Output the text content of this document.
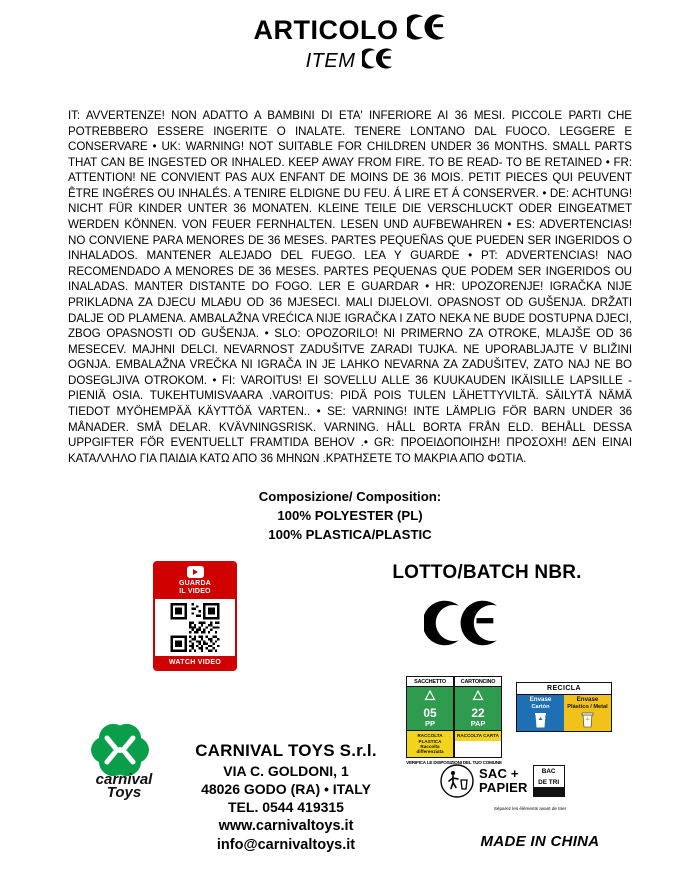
ARTICOLO
ITEM
IT: AVVERTENZE! NON ADATTO A BAMBINI DI ETA' INFERIORE AI 36 MESI. PICCOLE PARTI CHE POTREBBERO ESSERE INGERITE O INALATE. TENERE LONTANO DAL FUOCO. LEGGERE E CONSERVARE • UK: WARNING! NOT SUITABLE FOR CHILDREN UNDER 36 MONTHS. SMALL PARTS THAT CAN BE INGESTED OR INHALED. KEEP AWAY FROM FIRE. TO BE READ- TO BE RETAINED • FR: ATTENTION! NE CONVIENT PAS AUX ENFANT DE MOINS DE 36 MOIS. PETIT PIECES QUI PEUVENT ÊTRE INGÉRES OU INHALÉS. A TENIRE ELDIGNE DU FEU. Á LIRE ET Á CONSERVER. • DE: ACHTUNG! NICHT FÜR KINDER UNTER 36 MONATEN. KLEINE TEILE DIE VERSCHLUCKT ODER EINGEATMET WERDEN KÖNNEN. VON FEUER FERNHALTEN. LESEN UND AUFBEWAHREN • ES: ADVERTENCIAS! NO CONVIENE PARA MENORES DE 36 MESES. PARTES PEQUEÑAS QUE PUEDEN SER INGERIDOS O INHALADOS. MANTENER ALEJADO DEL FUEGO. LEA Y GUARDE • PT: ADVERTENCIAS! NAO RECOMENDADO A MENORES DE 36 MESES. PARTES PEQUENAS QUE PODEM SER INGERIDOS OU INALADAS. MANTER DISTANTE DO FOGO. LER E GUARDAR • HR: UPOZORENJE! IGRAČKA NIJE PRIKLADNA ZA DJECU MLAĐU OD 36 MJESECI. MALI DIJELOVI. OPASNOST OD GUŠENJA. DRŽATI DALJE OD PLAMENA. AMBALAŽNA VREĆICA NIJE IGRAČKA I ZATO NEKA NE BUDE DOSTUPNA DJECI, ZBOG OPASNOSTI OD GUŠENJA. • SLO: OPOZORILO! NI PRIMERNO ZA OTROKE, MLAJŠE OD 36 MESECEV. MAJHNI DELCI. NEVARNOST ZADUŠITVE ZARADI TUJKA. NE UPORABLJAJTE V BLIŽINI OGNJA. EMBALAŽNA VREČKA NI IGRAČA IN JE LAHKO NEVARNA ZA ZADUŠITEV, ZATO NAJ NE BO DOSEGLJIVA OTROKOM. • FI: VAROITUS! EI SOVELLU ALLE 36 KUUKAUDEN IKÄISILLE LAPSILLE - PIENIÄ OSIA. TUKEHTUMISVAARA .VAROITUS: PIDÄ POIS TULEN LÄHETTYVILTÄ. SÄILYTÄ NÄMÄ TIEDOT MYÖHEMPÄÄ KÄYTTÖÄ VARTEN.. • SE: VARNING! INTE LÄMPLIG FÖR BARN UNDER 36 MÅNADER. SMÅ DELAR. KVÄVNINGSRISK. VARNING. HÅLL BORTA FRÅN ELD. BEHÅLL DESSA UPPGIFTER FÖR EVENTUELLT FRAMTIDA BEHOV .• GR: ΠΡΟΕΙΔΟΠΟΙΗΣΗ! ΠΡΟΣΟΧΗ! ΔΕΝ ΕΙΝΑΙ ΚΑΤΑΛΛΗΛΟ ΓΙΑ ΠΑΙΔΙΑ ΚΑΤΩ ΑΠΟ 36 ΜΗΝΩΝ .ΚΡΑΤΗΣΕΤΕ ΤΟ ΜΑΚΡΙΑ ΑΠΟ ΦΩΤΙΑ.
Composizione/ Composition:
100% POLYESTER (PL)
100% PLASTICA/PLASTIC
GUARDA
IL VIDEO
WATCH VIDEO
LOTTO/BATCH NBR.
SACCHETTO
05
PP
RACCOLTA PLASTICA
Raccolta differenziata
CARTONCINO
22
PAP
RACCOLTA CARTA
VERIFICA LE DISPOSIZIONI DEL TUO COMUNE
RECICLA
Envase
Cartón
Envase
Plástico / Metal
SAC +
PAPIER
BAC
DE TRI
Séparez les éléments avant de trier
carnival
Toys
CARNIVAL TOYS S.r.l.
VIA C. GOLDONI, 1
48026 GODO (RA) • ITALY
TEL. 0544 419315
www.carnivaltoys.it
info@carnivaltoys.it	MADE IN CHINA
